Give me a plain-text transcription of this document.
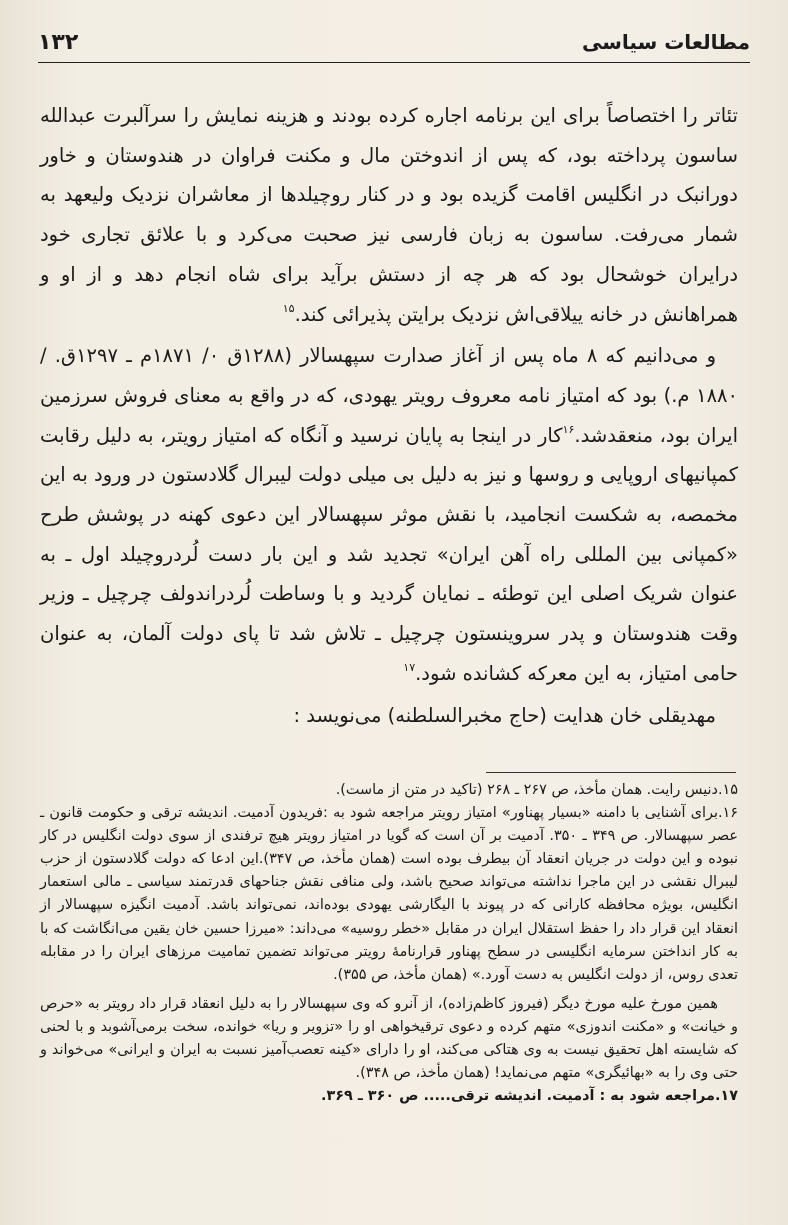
مطالعات سیاسی
۱۳۲

تئاتر را اختصاصاً برای این برنامه اجاره کرده بودند و هزینه نمایش را سرآلبرت عبدالله ساسون پرداخته بود، که پس از اندوختن مال و مکنت فراوان در هندوستان و خاور دورانبک در انگلیس اقامت گزیده بود و در کنار روچیلدها از معاشران نزدیک ولیعهد به شمار می‌رفت. ساسون به زبان فارسی نیز صحبت می‌کرد و با علائق تجاری خود درایران خوشحال بود که هر چه از دستش برآید برای شاه انجام دهد و از او و همراهانش در خانه ییلاقی‌اش نزدیک برایتن پذیرائی کند.$^{۱۵}$

و می‌دانیم که ۸ ماه پس از آغاز صدارت سپهسالار (۱۲۸۸ق ۰/ ۱۸۷۱م ـ ۱۲۹۷ق. / ۱۸۸۰ م.) بود که امتیاز نامه معروف رویتر یهودی، که در واقع به معنای فروش سرزمین ایران بود، منعقدشد.$^{۱۶}$کار در اینجا به پایان نرسید و آنگاه که امتیاز رویتر، به دلیل رقابت کمپانیهای اروپایی و روسها و نیز به دلیل بی میلی دولت لیبرال گلادستون در ورود به این مخمصه، به شکست انجامید، با نقش موثر سپهسالار این دعوی کهنه در پوشش طرح «کمپانی بین المللی راه آهن ایران» تجدید شد و این بار دست لُردروچیلد اول ـ به عنوان شریک اصلی این توطئه ـ نمایان گردید و با وساطت لُردراندولف چرچیل ـ وزیر وقت هندوستان و پدر سروینستون چرچیل ـ تلاش شد تا پای دولت آلمان، به عنوان حامی امتیاز، به این معرکه کشانده شود.$^{۱۷}$

مهدیقلی خان هدایت (حاج مخبرالسلطنه) می‌نویسد :

۱۵.دنیس رایت. همان مأخذ، ص ۲۶۷ ـ ۲۶۸ (تاکید در متن از ماست).

۱۶.برای آشنایی با دامنه «بسیار پهناور» امتیاز رویتر مراجعه شود به :فریدون آدمیت. اندیشه ترقی و حکومت قانون ـ عصر سپهسالار. ص ۳۴۹ ـ ۳۵۰. آدمیت بر آن است که گویا در امتیاز رویتر هیچ ترفندی از سوی دولت انگلیس در کار نبوده و این دولت در جریان انعقاد آن بیطرف بوده است (همان مأخذ، ص ۳۴۷).این ادعا که دولت گلادستون از حزب لیبرال نقشی در این ماجرا نداشته می‌تواند صحیح باشد، ولی منافی نقش جناحهای قدرتمند سیاسی ـ مالی استعمار انگلیس، بویژه محافظه کارانی که در پیوند با الیگارشی یهودی بوده‌اند، نمی‌تواند باشد. آدمیت انگیزه سپهسالار از انعقاد این قرار داد را حفظ استقلال ایران در مقابل «خطر روسیه» می‌داند: «میرزا حسین خان یقین می‌انگاشت که با به کار انداختن سرمایه انگلیسی در سطح پهناور قرارنامهٔ رویتر می‌تواند تضمین تمامیت مرزهای ایران را در مقابله تعدی روس، از دولت انگلیس به دست آورد.» (همان مأخذ، ص ۳۵۵).

همین مورخ علیه مورخ دیگر (فیروز کاظم‌زاده)، از آنرو که وی سپهسالار را به دلیل انعقاد قرار داد رویتر به «حرص و خیانت» و «مکنت اندوزی» متهم کرده و دعوی ترقیخواهی او را «تزویر و ریا» خوانده، سخت برمی‌آشوبد و با لحنی که شایسته اهل تحقیق نیست به وی هتاکی می‌کند، او را دارای «کینه تعصب‌آمیز نسبت به ایران و ایرانی» می‌خواند و حتی وی را به «بهائیگری» متهم می‌نماید! (همان مأخذ، ص ۳۴۸).

۱۷.مراجعه شود به : آدمیت. اندیشه ترقی..... ص ۳۶۰ ـ ۳۶۹.
